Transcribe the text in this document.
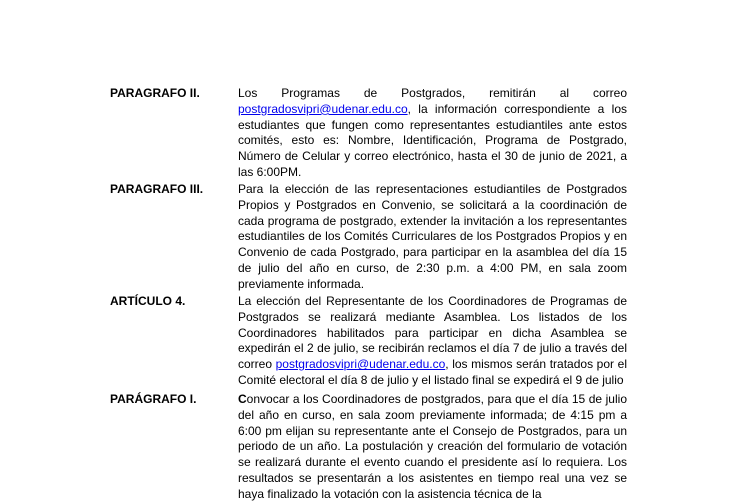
PARAGRAFO II.	Los Programas de Postgrados, remitirán al correo postgradosvipri@udenar.edu.co, la información correspondiente a los estudiantes que fungen como representantes estudiantiles ante estos comités, esto es: Nombre, Identificación, Programa de Postgrado, Número de Celular y correo electrónico, hasta el 30 de junio de 2021, a las 6:00PM.
PARAGRAFO III.	Para la elección de las representaciones estudiantiles de Postgrados Propios y Postgrados en Convenio, se solicitará a la coordinación de cada programa de postgrado, extender la invitación a los representantes estudiantiles de los Comités Curriculares de los Postgrados Propios y en Convenio de cada Postgrado, para participar en la asamblea del día 15 de julio del año en curso, de 2:30 p.m. a 4:00 PM, en sala zoom previamente informada.
ARTÍCULO 4.	La elección del Representante de los Coordinadores de Programas de Postgrados se realizará mediante Asamblea. Los listados de los Coordinadores habilitados para participar en dicha Asamblea se expedirán el 2 de julio, se recibirán reclamos el día 7 de julio a través del correo postgradosvipri@udenar.edu.co, los mismos serán tratados por el Comité electoral el día 8 de julio y el listado final se expedirá el 9 de julio
PARÁGRAFO I.	Convocar a los Coordinadores de postgrados, para que el día 15 de julio del año en curso, en sala zoom previamente informada; de 4:15 pm a 6:00 pm elijan su representante ante el Consejo de Postgrados, para un periodo de un año. La postulación y creación del formulario de votación se realizará durante el evento cuando el presidente así lo requiera. Los resultados se presentarán a los asistentes en tiempo real una vez se haya finalizado la votación con la asistencia técnica de la
